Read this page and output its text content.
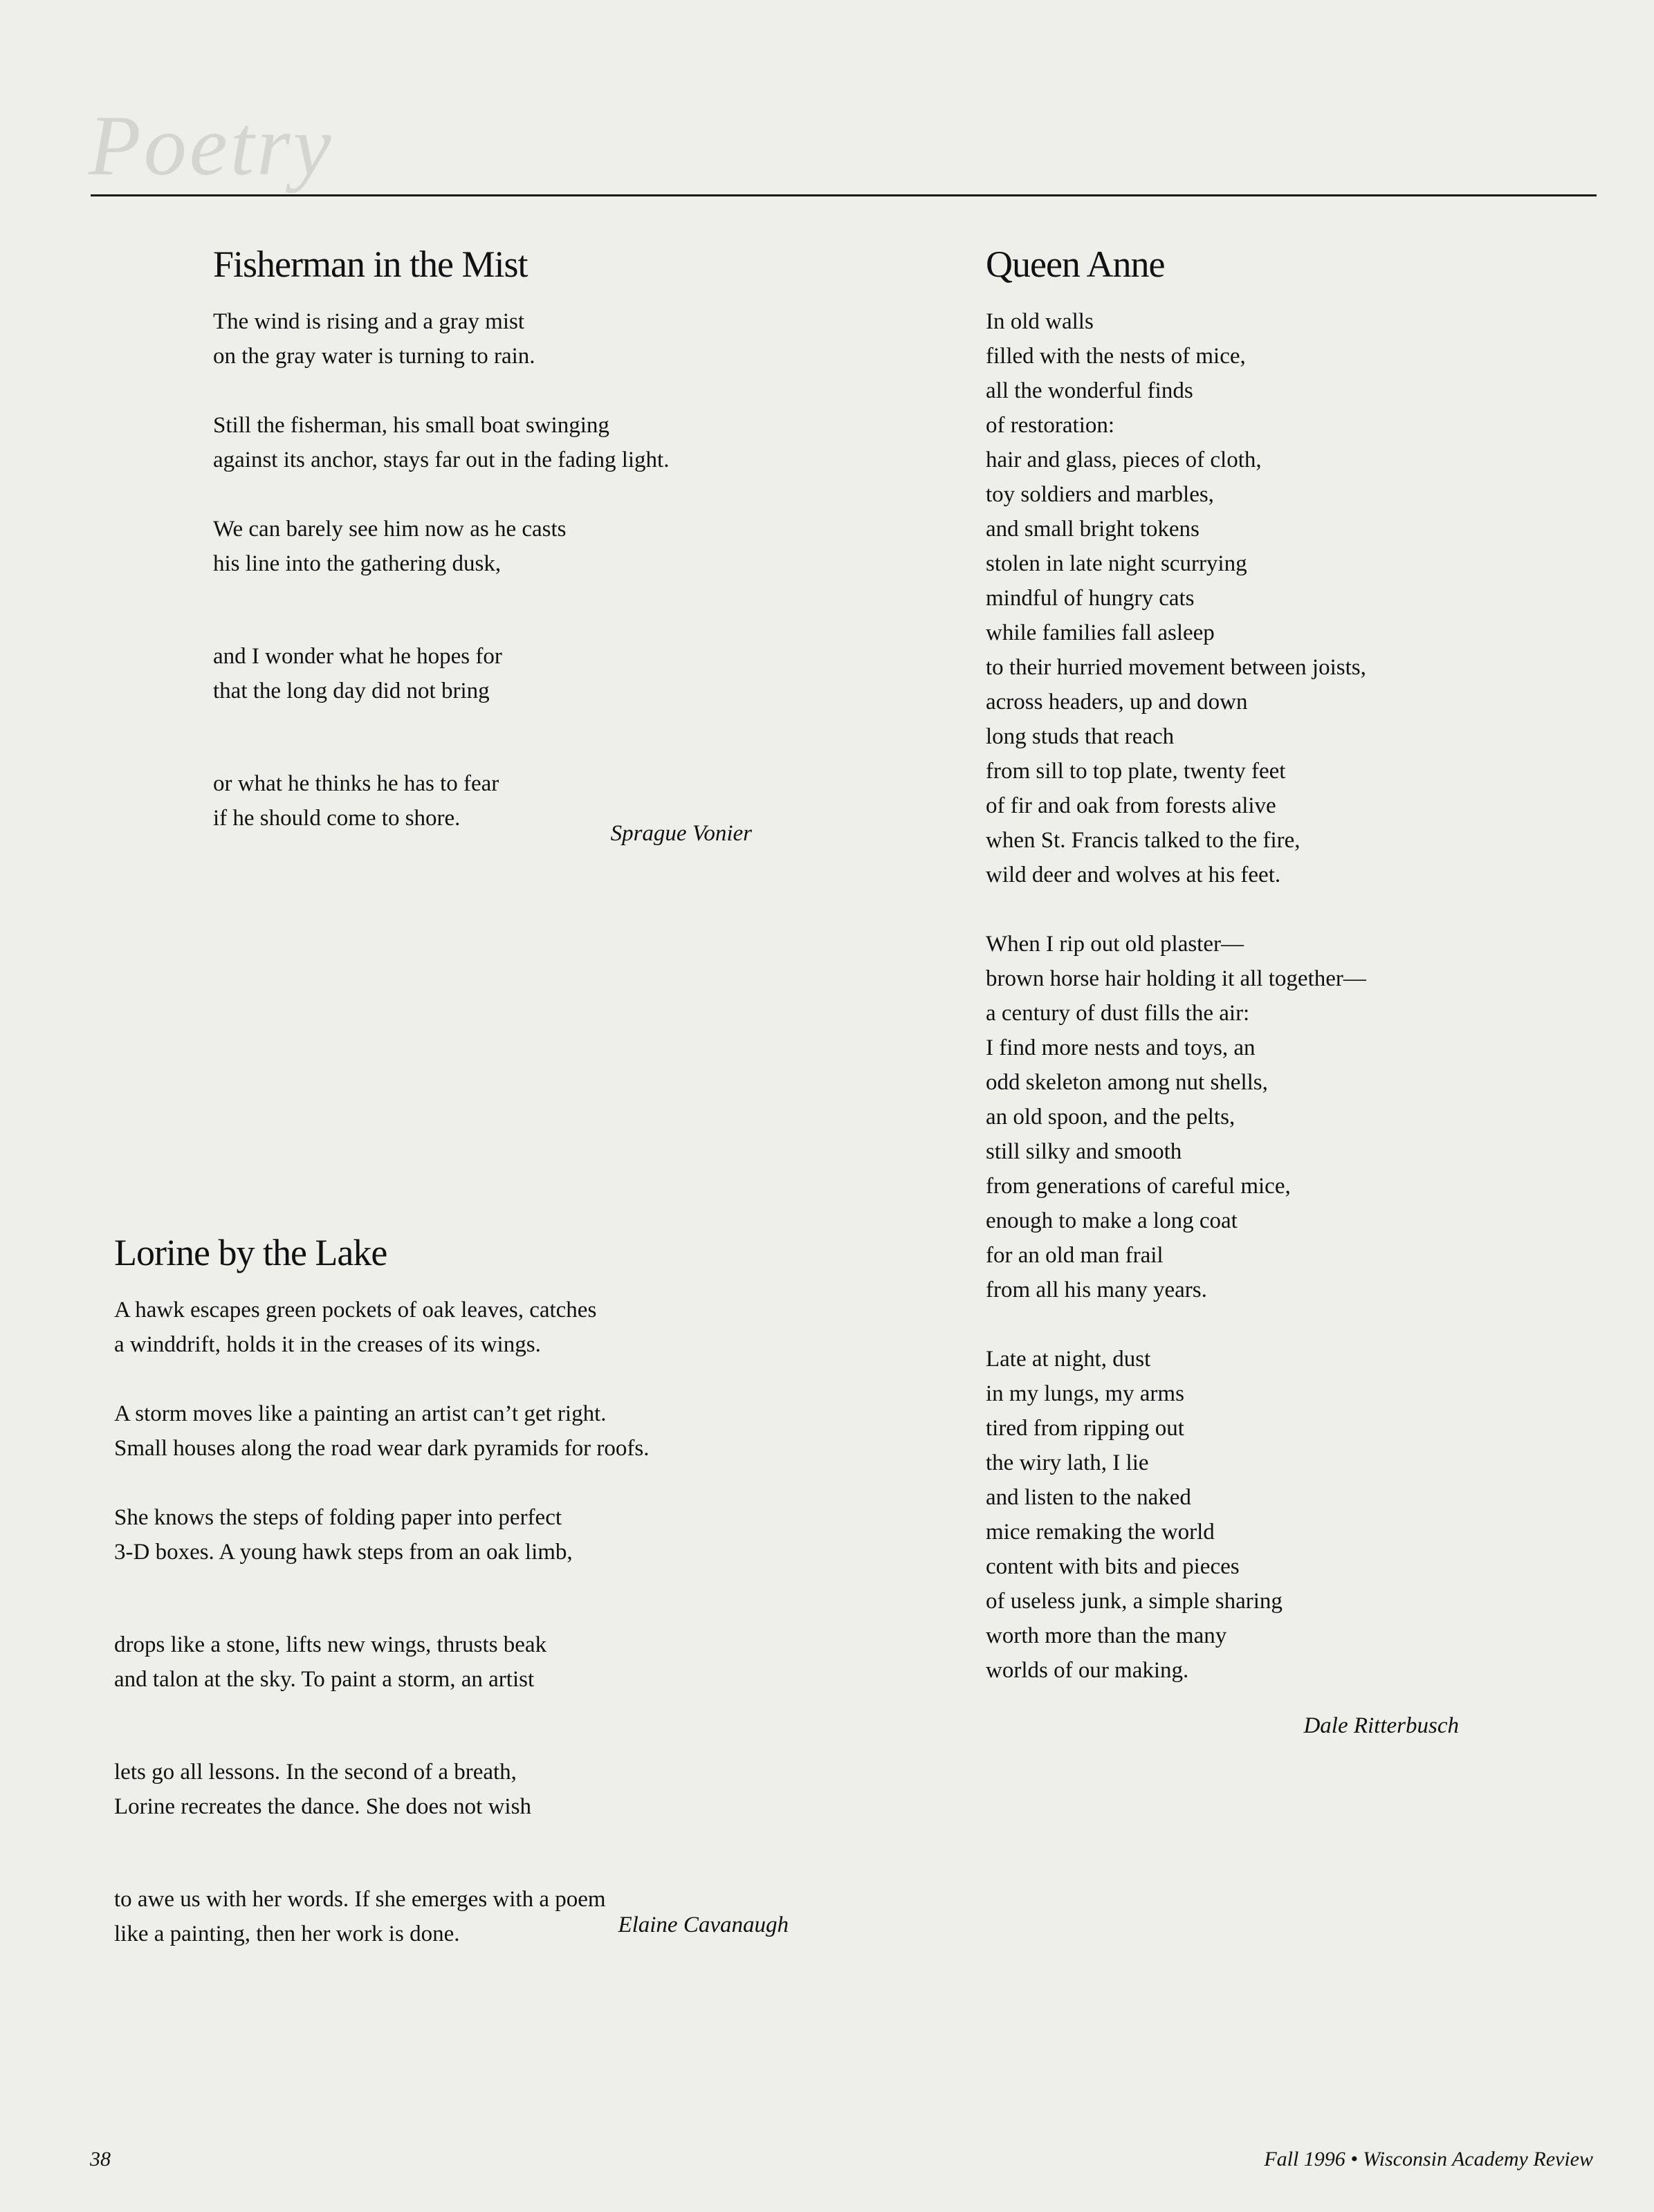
Poetry
Fisherman in the Mist
The wind is rising and a gray mist
on the gray water is turning to rain.
Still the fisherman, his small boat swinging
against its anchor, stays far out in the fading light.
We can barely see him now as he casts
his line into the gathering dusk,
and I wonder what he hopes for
that the long day did not bring
or what he thinks he has to fear
if he should come to shore.
Sprague Vonier
Lorine by the Lake
A hawk escapes green pockets of oak leaves, catches
a winddrift, holds it in the creases of its wings.
A storm moves like a painting an artist can’t get right.
Small houses along the road wear dark pyramids for roofs.
She knows the steps of folding paper into perfect
3-D boxes. A young hawk steps from an oak limb,
drops like a stone, lifts new wings, thrusts beak
and talon at the sky. To paint a storm, an artist
lets go all lessons. In the second of a breath,
Lorine recreates the dance. She does not wish
to awe us with her words. If she emerges with a poem
like a painting, then her work is done.	Elaine Cavanaugh
Queen Anne
In old walls
filled with the nests of mice,
all the wonderful finds
of restoration:
hair and glass, pieces of cloth,
toy soldiers and marbles,
and small bright tokens
stolen in late night scurrying
mindful of hungry cats
while families fall asleep
to their hurried movement between joists,
across headers, up and down
long studs that reach
from sill to top plate, twenty feet
of fir and oak from forests alive
when St. Francis talked to the fire,
wild deer and wolves at his feet.
When I rip out old plaster—
brown horse hair holding it all together—
a century of dust fills the air:
I find more nests and toys, an
odd skeleton among nut shells,
an old spoon, and the pelts,
still silky and smooth
from generations of careful mice,
enough to make a long coat
for an old man frail
from all his many years.
Late at night, dust
in my lungs, my arms
tired from ripping out
the wiry lath, I lie
and listen to the naked
mice remaking the world
content with bits and pieces
of useless junk, a simple sharing
worth more than the many
worlds of our making.
Dale Ritterbusch
38	Fall 1996 • Wisconsin Academy Review
